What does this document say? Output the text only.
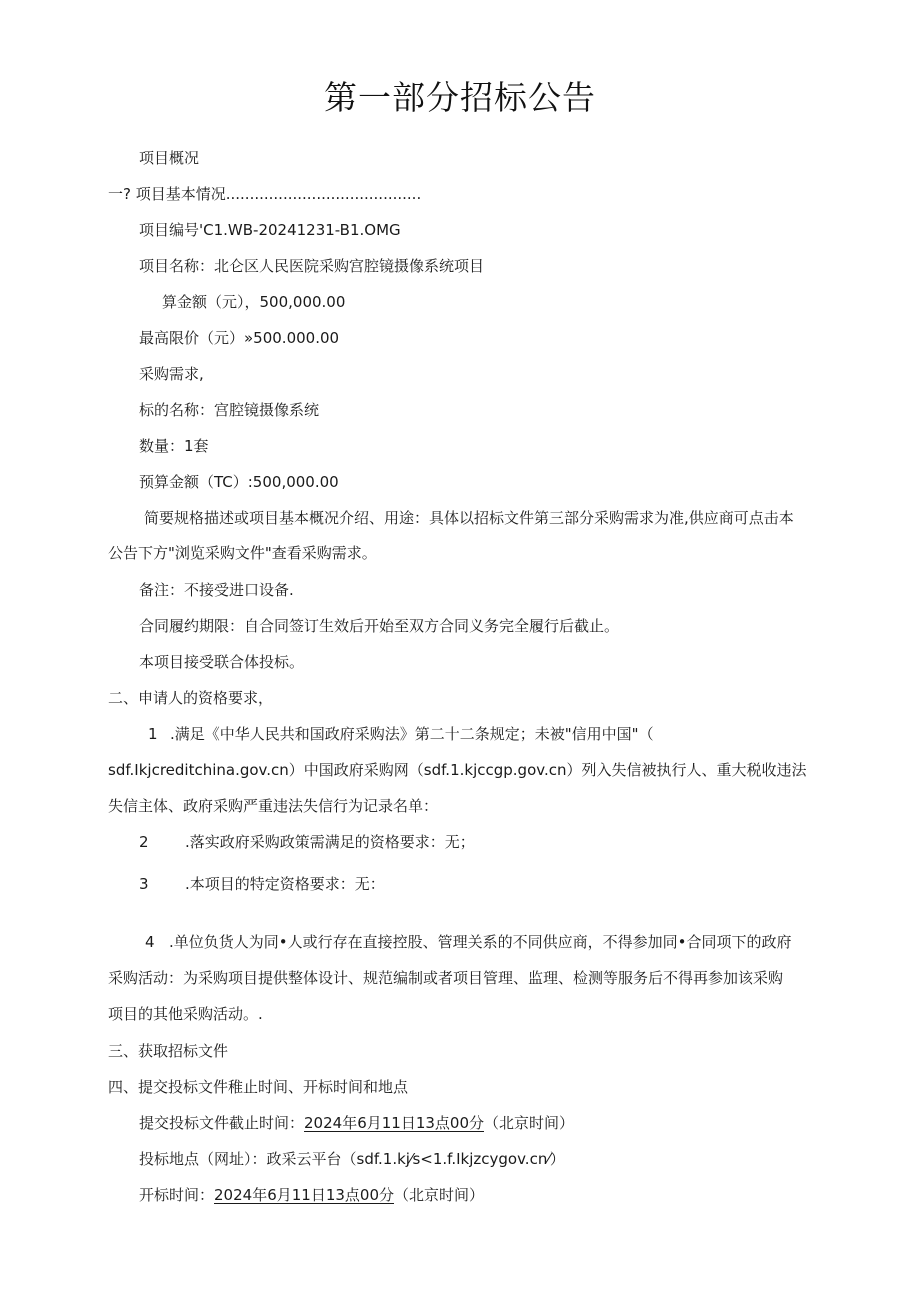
第一部分招标公告
项目概况
一? 项目基本情况.........................................
项目编号'C1.WB-20241231-B1.OMG
项目名称：北仑区人民医院采购宫腔镜摄像系统项目
算金额（元），500,000.00
最高限价（元）»500.000.00
采购需求,
标的名称：宫腔镜摄像系统
数量：1套
预算金额（TC）:500,000.00
简要规格描述或项目基本概况介绍、用途：具体以招标文件第三部分采购需求为准,供应商可点击本
公告下方"浏览采购文件"查看采购需求。
备注：不接受进口设备.
合同履约期限：自合同签订生效后开始至双方合同义务完全履行后截止。
本项目接受联合体投标。
二、申请人的资格要求，
1 .满足《中华人民共和国政府采购法》第二十二条规定；未被"信用中国"（
sdf.Ikjcreditchina.gov.cn）中国政府采购网（sdf.1.kjccgp.gov.cn）列入失信被执行人、重大税收违法
失信主体、政府采购严重违法失信行为记录名单：
2 .落实政府采购政策需满足的资格要求：无；
3 .本项目的特定资格要求：无：
4 .单位负货人为同•人或行存在直接控股、管理关系的不同供应商，不得参加同•合同项下的政府
采购活动：为采购项目提供整体设计、规范编制或者项目管理、监理、检测等服务后不得再参加该采购
项目的其他采购活动。.
三、获取招标文件
四、提交投标文件稚止时间、开标时间和地点
提交投标文件截止时间：2024年6月11日13点00分（北京时间）
投标地点（网址）：政采云平台（sdf.1.kj⁄s<1.f.Ikjzcygov.cn⁄）
开标时间：2024年6月11日13点00分（北京时间）
